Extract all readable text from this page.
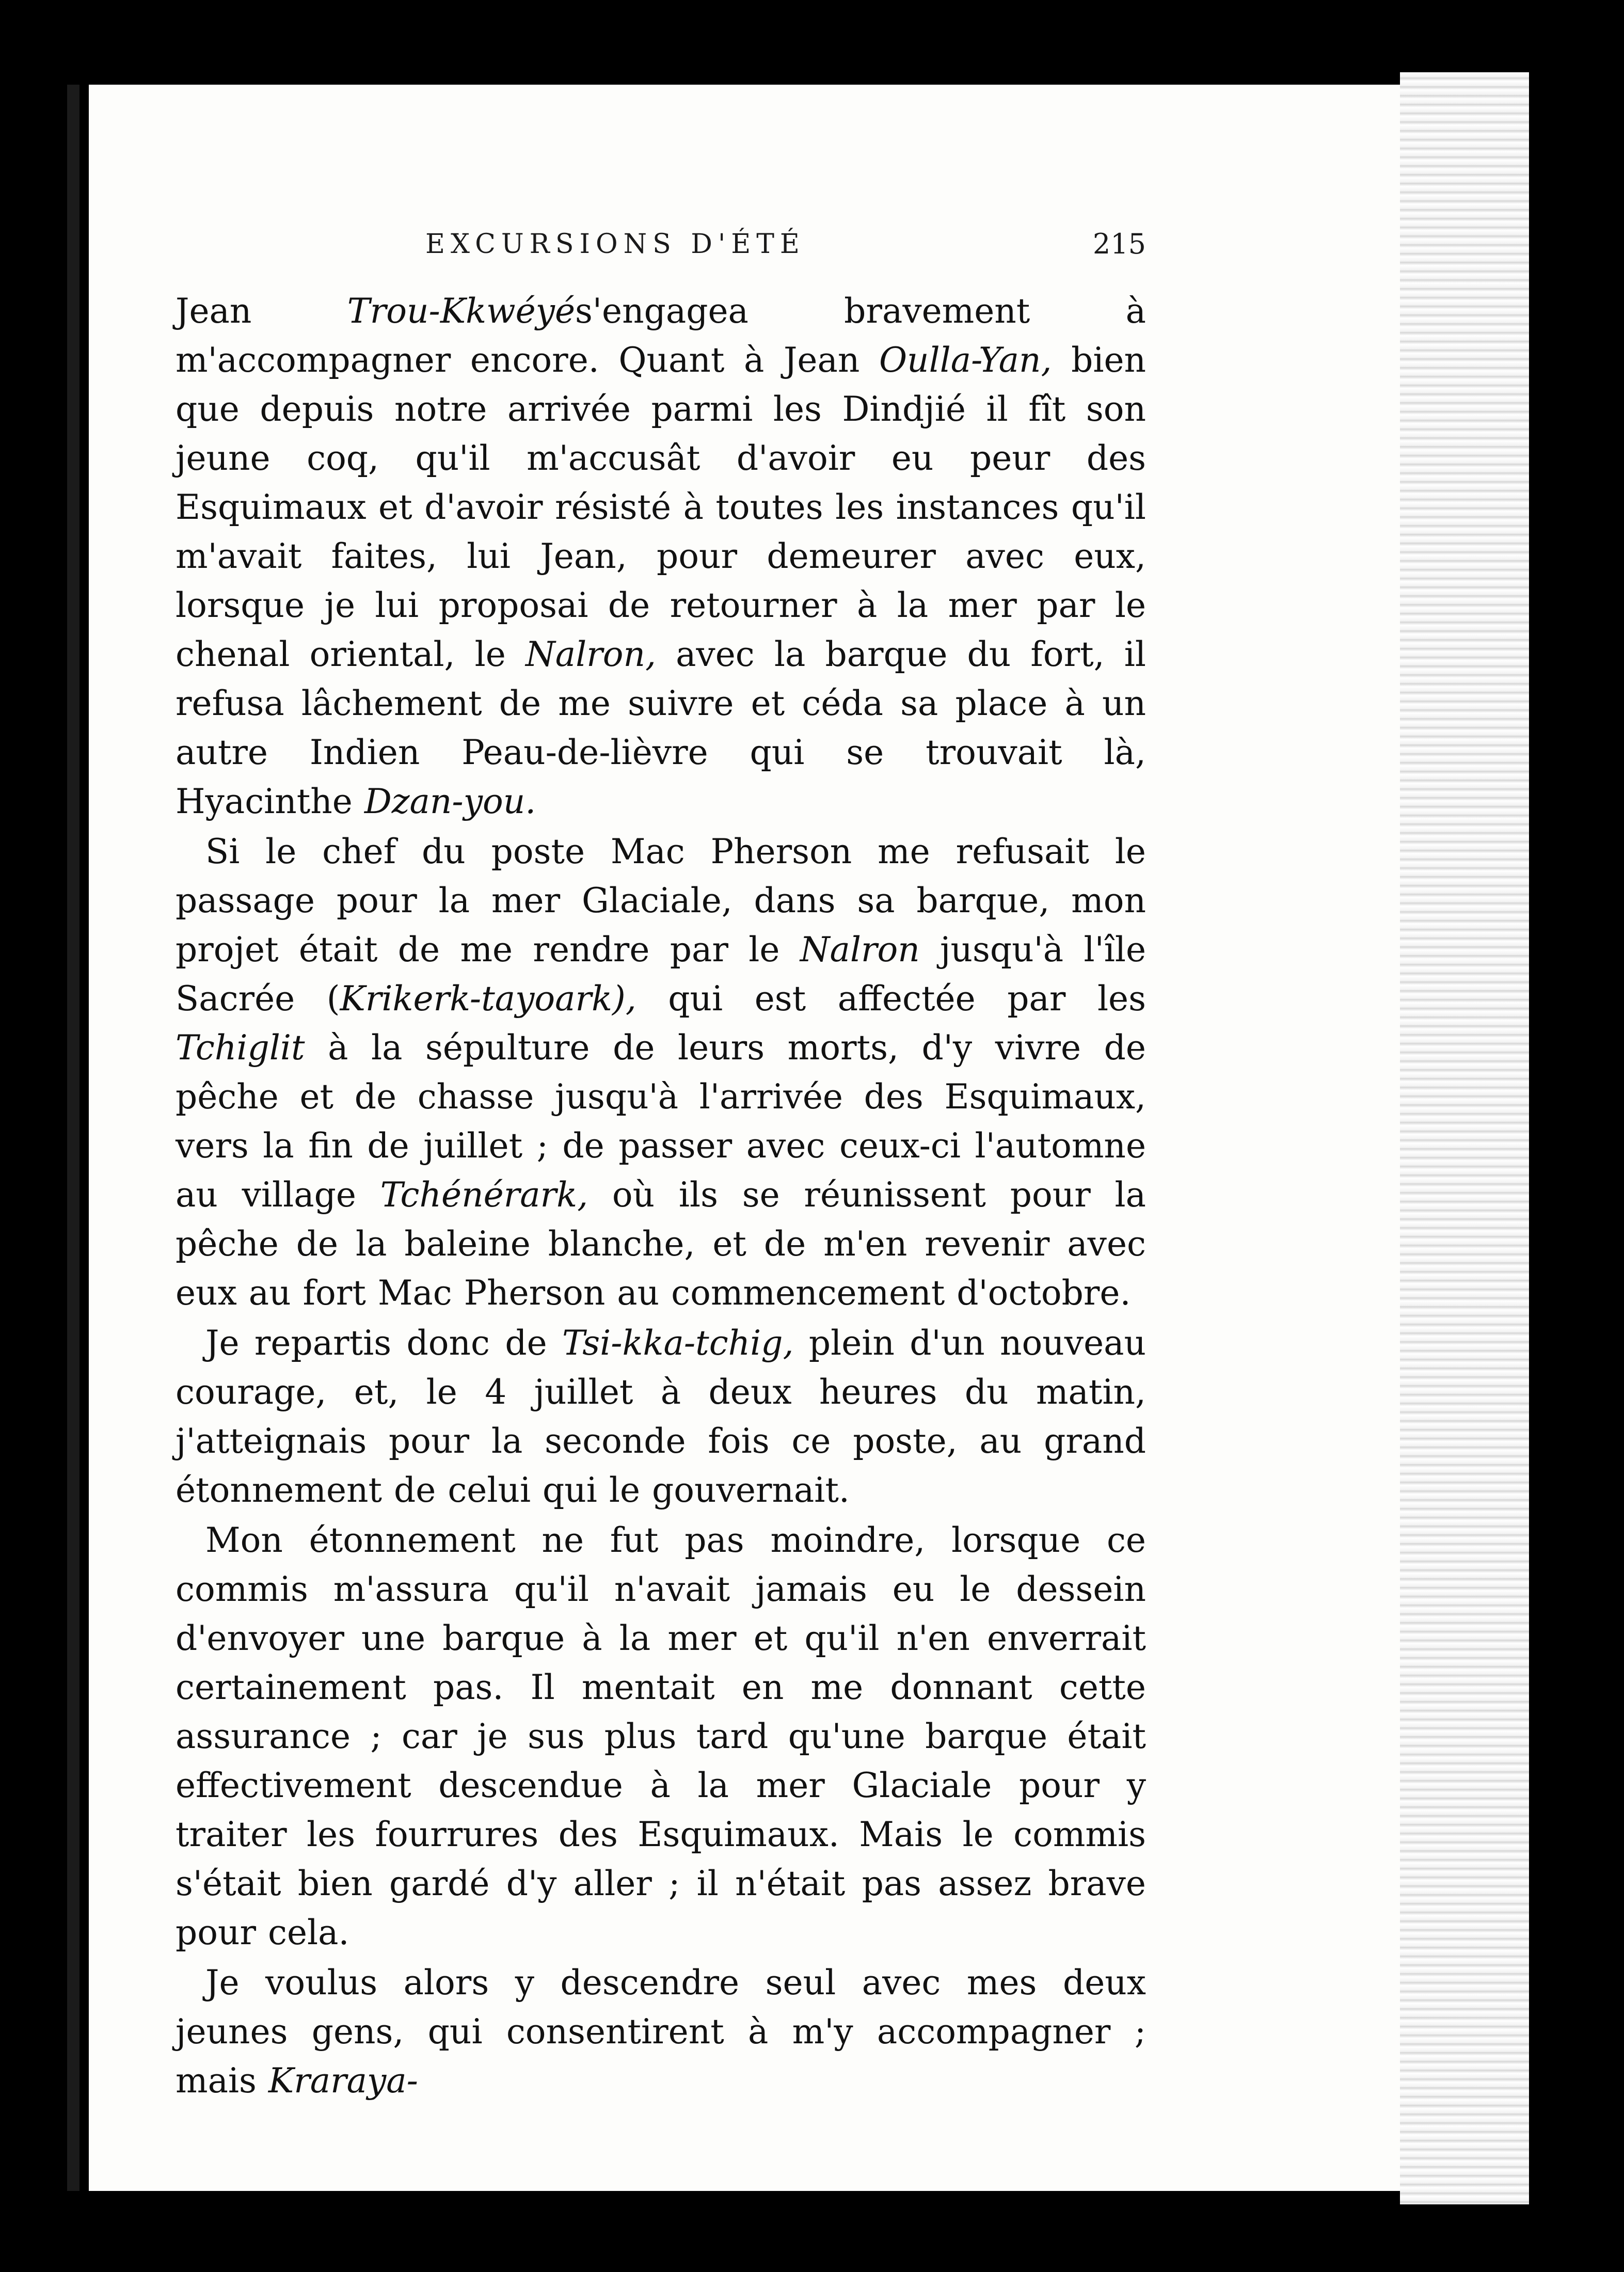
EXCURSIONS D'ÉTÉ	215

Jean Trou-Kkwéyés'engagea bravement à m'accompagner encore. Quant à Jean Oulla-Yan, bien que depuis notre arrivée parmi les Dindjié il fît son jeune coq, qu'il m'accusât d'avoir eu peur des Esquimaux et d'avoir résisté à toutes les instances qu'il m'avait faites, lui Jean, pour demeurer avec eux, lorsque je lui proposai de retourner à la mer par le chenal oriental, le Nalron, avec la barque du fort, il refusa lâchement de me suivre et céda sa place à un autre Indien Peau-de-lièvre qui se trouvait là, Hyacinthe Dzan-you.

Si le chef du poste Mac Pherson me refusait le passage pour la mer Glaciale, dans sa barque, mon projet était de me rendre par le Nalron jusqu'à l'île Sacrée (Krikerk-tayoark), qui est affectée par les Tchiglit à la sépulture de leurs morts, d'y vivre de pêche et de chasse jusqu'à l'arrivée des Esquimaux, vers la fin de juillet ; de passer avec ceux-ci l'automne au village Tchénérark, où ils se réunissent pour la pêche de la baleine blanche, et de m'en revenir avec eux au fort Mac Pherson au commencement d'octobre.

Je repartis donc de Tsi-kka-tchig, plein d'un nouveau courage, et, le 4 juillet à deux heures du matin, j'atteignais pour la seconde fois ce poste, au grand étonnement de celui qui le gouvernait.

Mon étonnement ne fut pas moindre, lorsque ce commis m'assura qu'il n'avait jamais eu le dessein d'envoyer une barque à la mer et qu'il n'en enverrait certainement pas. Il mentait en me donnant cette assurance ; car je sus plus tard qu'une barque était effectivement descendue à la mer Glaciale pour y traiter les fourrures des Esquimaux. Mais le commis s'était bien gardé d'y aller ; il n'était pas assez brave pour cela.

Je voulus alors y descendre seul avec mes deux jeunes gens, qui consentirent à m'y accompagner ; mais Kraraya-
